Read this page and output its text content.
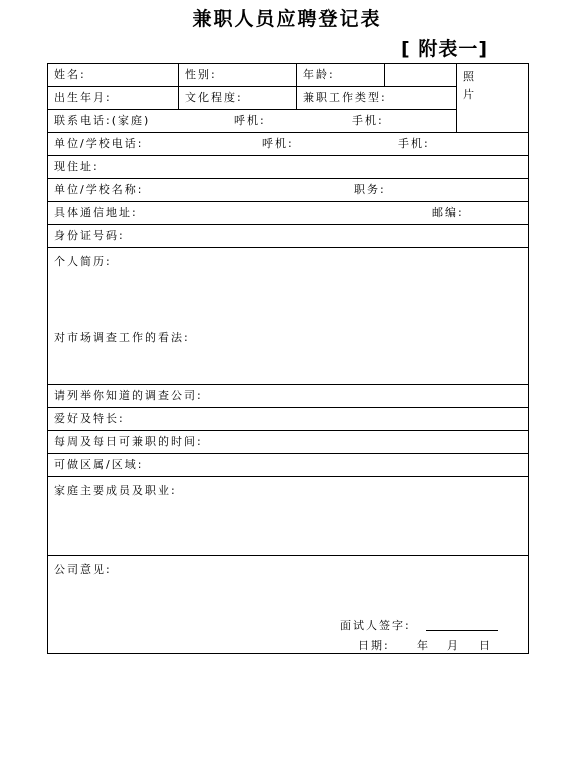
兼职人员应聘登记表
[ 附表一]
照
片
姓名:	性别:	年龄:
出生年月:	文化程度:	兼职工作类型:
联系电话:(家庭)	呼机:	手机:
单位/学校电话:	呼机:	手机:
现住址:
单位/学校名称:	职务:
具体通信地址:	邮编:
身份证号码:
个人简历:
对市场调查工作的看法:
请列举你知道的调查公司:
爱好及特长:
每周及每日可兼职的时间:
可做区属/区域:
家庭主要成员及职业:
公司意见:
面试人签字:
日期: 年 月 日
